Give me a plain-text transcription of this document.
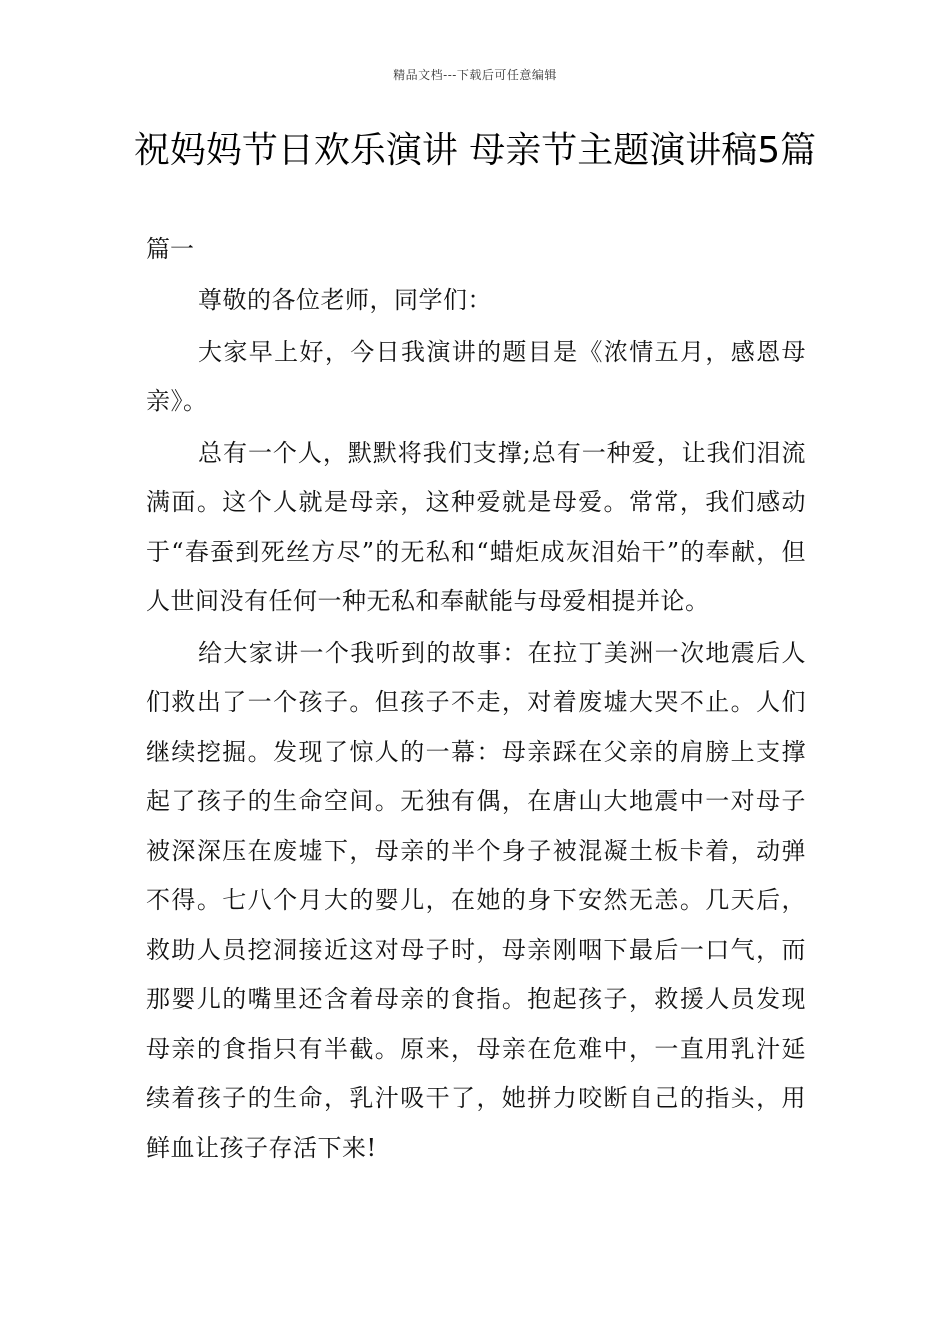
精品文档---下载后可任意编辑
祝妈妈节日欢乐演讲 母亲节主题演讲稿5篇
篇一

尊敬的各位老师，同学们：

大家早上好，今日我演讲的题目是《浓情五月，感恩母亲》。

总有一个人，默默将我们支撑;总有一种爱，让我们泪流满面。这个人就是母亲，这种爱就是母爱。常常，我们感动于“春蚕到死丝方尽”的无私和“蜡炬成灰泪始干”的奉献，但人世间没有任何一种无私和奉献能与母爱相提并论。

给大家讲一个我听到的故事：在拉丁美洲一次地震后人们救出了一个孩子。但孩子不走，对着废墟大哭不止。人们继续挖掘。发现了惊人的一幕：母亲踩在父亲的肩膀上支撑起了孩子的生命空间。无独有偶，在唐山大地震中一对母子被深深压在废墟下，母亲的半个身子被混凝土板卡着，动弹不得。七八个月大的婴儿，在她的身下安然无恙。几天后，救助人员挖洞接近这对母子时，母亲刚咽下最后一口气，而那婴儿的嘴里还含着母亲的食指。抱起孩子，救援人员发现母亲的食指只有半截。原来，母亲在危难中，一直用乳汁延续着孩子的生命，乳汁吸干了，她拼力咬断自己的指头，用鲜血让孩子存活下来!
